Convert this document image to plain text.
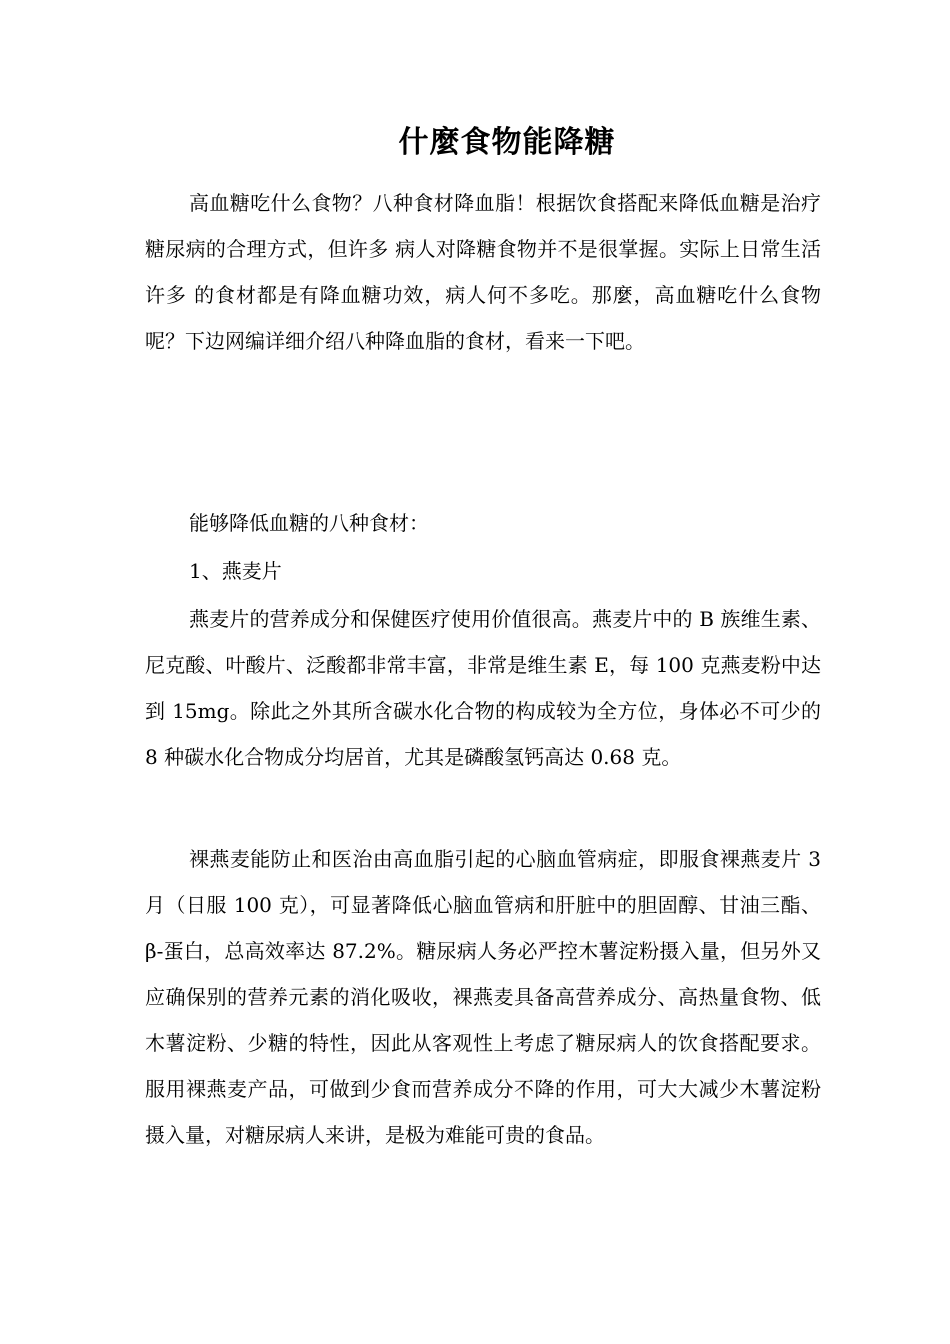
什麼食物能降糖

高血糖吃什么食物？八种食材降血脂！根据饮食搭配来降低血糖是治疗糖尿病的合理方式，但许多 病人对降糖食物并不是很掌握。实际上日常生活许多 的食材都是有降血糖功效，病人何不多吃。那麼，高血糖吃什么食物呢？下边网编详细介绍八种降血脂的食材，看来一下吧。

能够降低血糖的八种食材：

1、燕麦片

燕麦片的营养成分和保健医疗使用价值很高。燕麦片中的 B 族维生素、尼克酸、叶酸片、泛酸都非常丰富，非常是维生素 E，每 100 克燕麦粉中达到 15mg。除此之外其所含碳水化合物的构成较为全方位，身体必不可少的 8 种碳水化合物成分均居首，尤其是磷酸氢钙高达 0.68 克。

裸燕麦能防止和医治由高血脂引起的心脑血管病症，即服食裸燕麦片 3 月（日服 100 克），可显著降低心脑血管病和肝脏中的胆固醇、甘油三酯、β-蛋白，总高效率达 87.2%。糖尿病人务必严控木薯淀粉摄入量，但另外又应确保别的营养元素的消化吸收，裸燕麦具备高营养成分、高热量食物、低木薯淀粉、少糖的特性，因此从客观性上考虑了糖尿病人的饮食搭配要求。服用裸燕麦产品，可做到少食而营养成分不降的作用，可大大减少木薯淀粉摄入量，对糖尿病人来讲，是极为难能可贵的食品。
